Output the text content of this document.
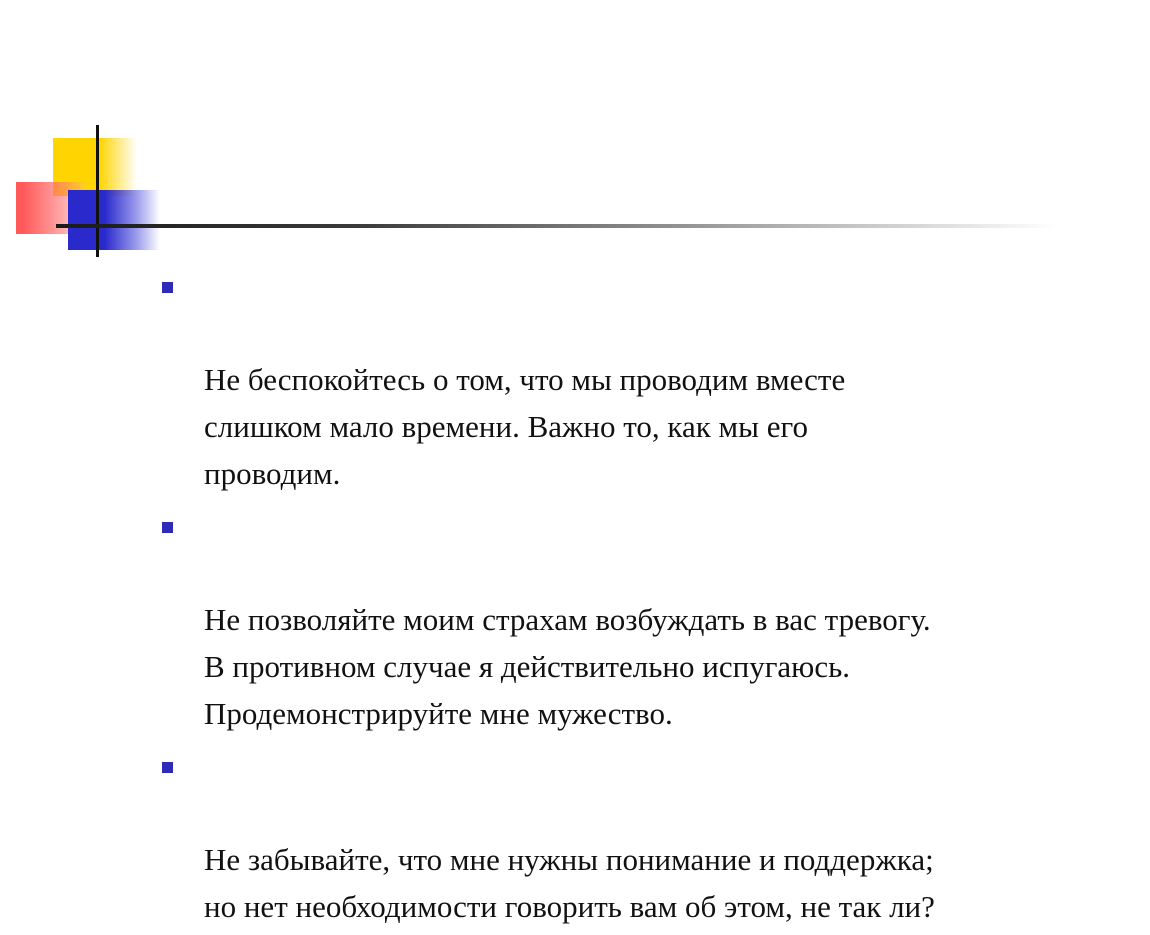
Не беспокойтесь о том, что мы проводим вместе
слишком мало времени. Важно то, как мы его
проводим.

Не позволяйте моим страхам возбуждать в вас тревогу.
В противном случае я действительно испугаюсь.
Продемонстрируйте мне мужество.

Не забывайте, что мне нужны понимание и поддержка;
но нет необходимости говорить вам об этом, не так ли?
